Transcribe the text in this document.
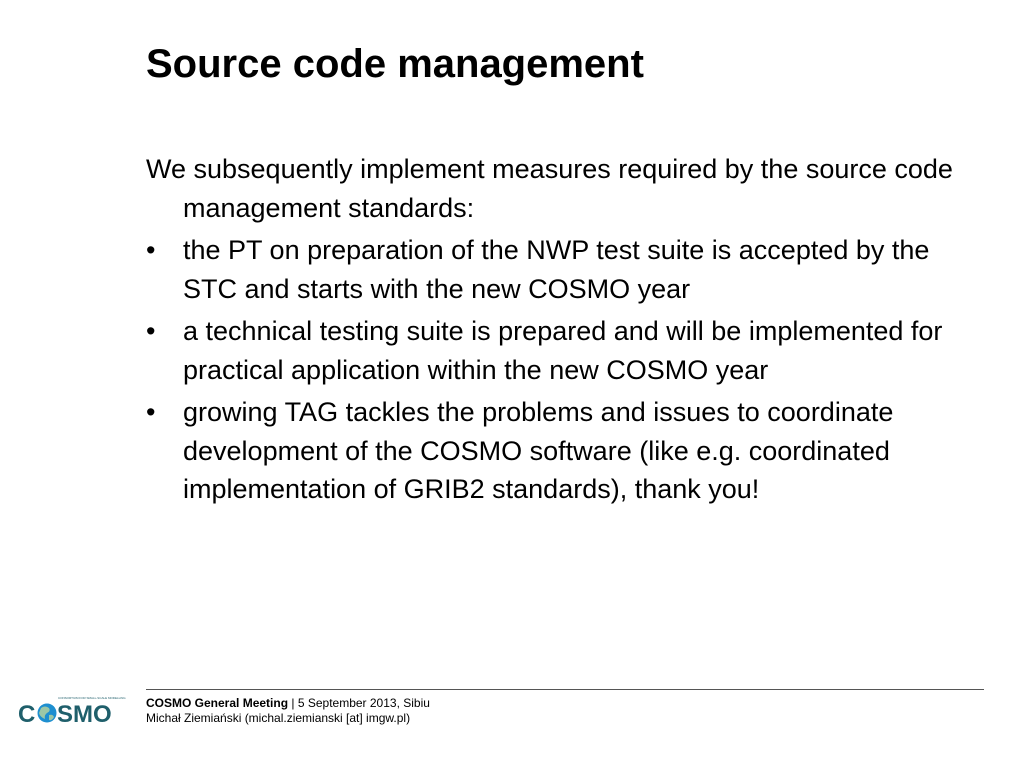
Source code management

We subsequently implement measures required by the source code management standards:

•	the PT on preparation of the NWP test suite is accepted by the STC and starts with the new COSMO year
•	a technical testing suite is prepared and will be implemented for practical application within the new COSMO year
•	growing TAG tackles the problems and issues to coordinate development of the COSMO software (like e.g. coordinated implementation of GRIB2 standards), thank you!
C SMO
CONSORTIUM FOR SMALL-SCALE MODELLING COSMO General Meeting | 5 September 2013, Sibiu
Michał Ziemiański (michal.ziemianski [at] imgw.pl)
